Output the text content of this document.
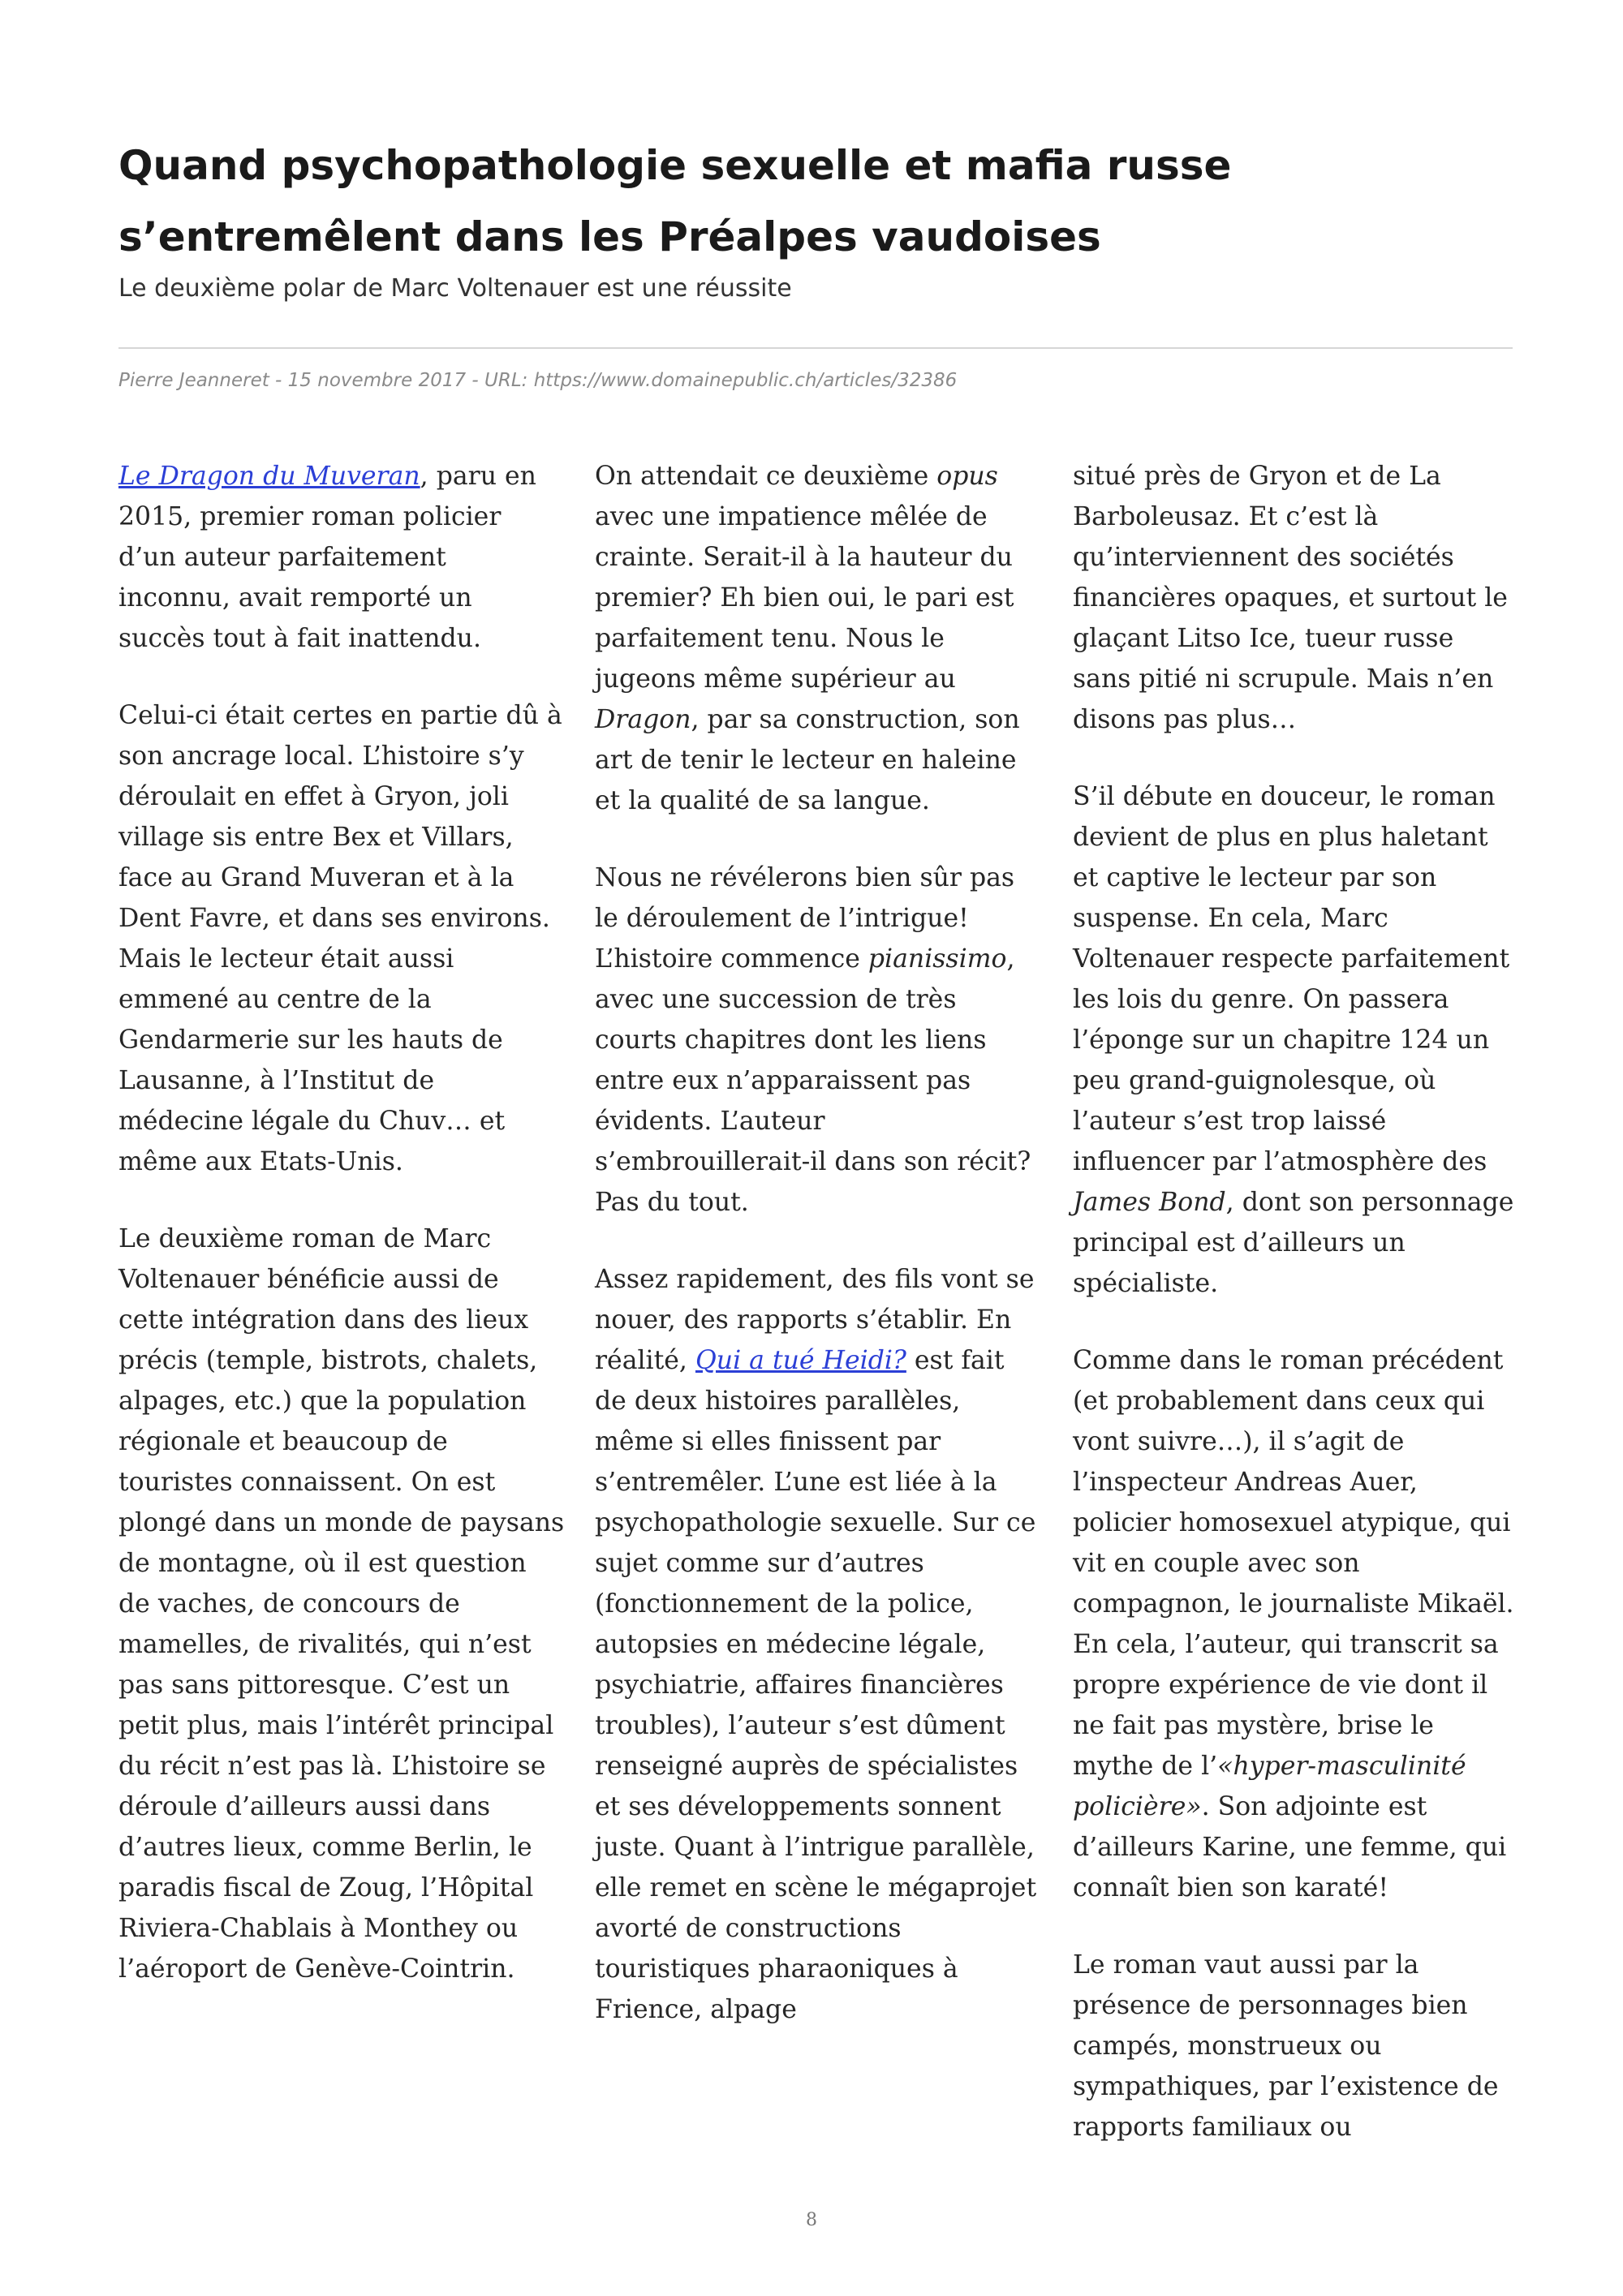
Quand psychopathologie sexuelle et mafia russe s’entremêlent dans les Préalpes vaudoises
Le deuxième polar de Marc Voltenauer est une réussite
Pierre Jeanneret - 15 novembre 2017 - URL: https://www.domainepublic.ch/articles/32386

Le Dragon du Muveran, paru en 2015, premier roman policier d’un auteur parfaitement inconnu, avait remporté un succès tout à fait inattendu.

Celui-ci était certes en partie dû à son ancrage local. L’histoire s’y déroulait en effet à Gryon, joli village sis entre Bex et Villars, face au Grand Muveran et à la Dent Favre, et dans ses environs. Mais le lecteur était aussi emmené au centre de la Gendarmerie sur les hauts de Lausanne, à l’Institut de médecine légale du Chuv… et même aux Etats-Unis.

Le deuxième roman de Marc Voltenauer bénéficie aussi de cette intégration dans des lieux précis (temple, bistrots, chalets, alpages, etc.) que la population régionale et beaucoup de touristes connaissent. On est plongé dans un monde de paysans de montagne, où il est question de vaches, de concours de mamelles, de rivalités, qui n’est pas sans pittoresque. C’est un petit plus, mais l’intérêt principal du récit n’est pas là. L’histoire se déroule d’ailleurs aussi dans d’autres lieux, comme Berlin, le paradis fiscal de Zoug, l’Hôpital Riviera-Chablais à Monthey ou l’aéroport de Genève-Cointrin.

On attendait ce deuxième opus avec une impatience mêlée de crainte. Serait-il à la hauteur du premier? Eh bien oui, le pari est parfaitement tenu. Nous le jugeons même supérieur au Dragon, par sa construction, son art de tenir le lecteur en haleine et la qualité de sa langue.

Nous ne révélerons bien sûr pas le déroulement de l’intrigue! L’histoire commence pianissimo, avec une succession de très courts chapitres dont les liens entre eux n’apparaissent pas évidents. L’auteur s’embrouillerait-il dans son récit? Pas du tout.

Assez rapidement, des fils vont se nouer, des rapports s’établir. En réalité, Qui a tué Heidi? est fait de deux histoires parallèles, même si elles finissent par s’entremêler. L’une est liée à la psychopathologie sexuelle. Sur ce sujet comme sur d’autres (fonctionnement de la police, autopsies en médecine légale, psychiatrie, affaires financières troubles), l’auteur s’est dûment renseigné auprès de spécialistes et ses développements sonnent juste. Quant à l’intrigue parallèle, elle remet en scène le mégaprojet avorté de constructions touristiques pharaoniques à Frience, alpage

situé près de Gryon et de La Barboleusaz. Et c’est là qu’interviennent des sociétés financières opaques, et surtout le glaçant Litso Ice, tueur russe sans pitié ni scrupule. Mais n’en disons pas plus…

S’il débute en douceur, le roman devient de plus en plus haletant et captive le lecteur par son suspense. En cela, Marc Voltenauer respecte parfaitement les lois du genre. On passera l’éponge sur un chapitre 124 un peu grand-guignolesque, où l’auteur s’est trop laissé influencer par l’atmosphère des James Bond, dont son personnage principal est d’ailleurs un spécialiste.

Comme dans le roman précédent (et probablement dans ceux qui vont suivre…), il s’agit de l’inspecteur Andreas Auer, policier homosexuel atypique, qui vit en couple avec son compagnon, le journaliste Mikaël. En cela, l’auteur, qui transcrit sa propre expérience de vie dont il ne fait pas mystère, brise le mythe de l’«hyper-masculinité policière». Son adjointe est d’ailleurs Karine, une femme, qui connaît bien son karaté!

Le roman vaut aussi par la présence de personnages bien campés, monstrueux ou sympathiques, par l’existence de rapports familiaux ou

8
